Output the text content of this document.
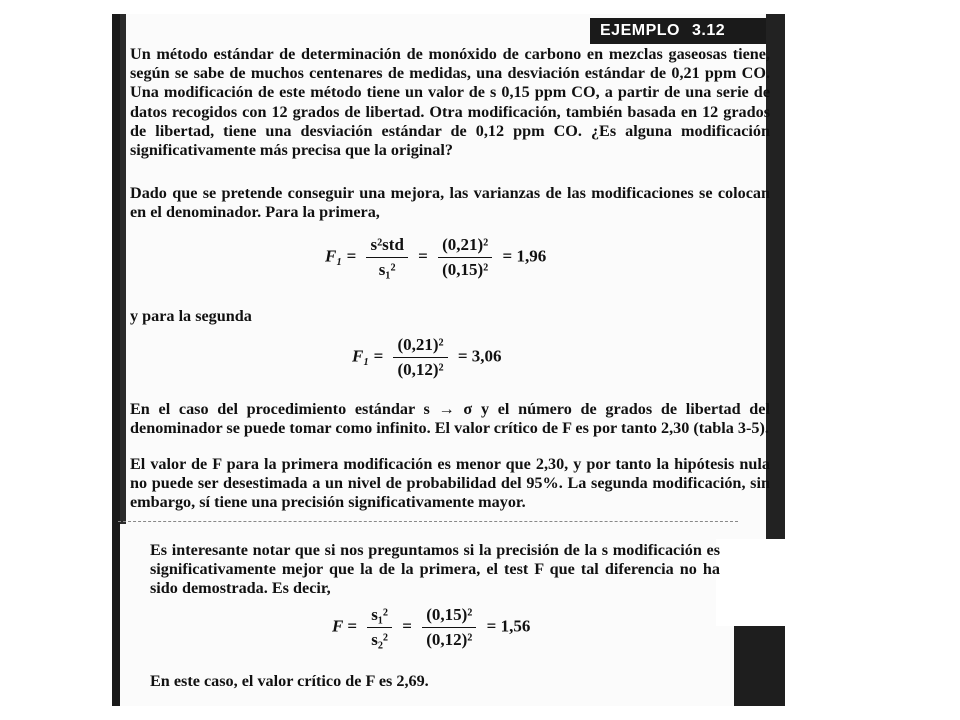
EJEMPLO 3.12
Un método estándar de determinación de monóxido de carbono en mezclas gaseosas tiene, según se sabe de muchos centenares de medidas, una desviación estándar de 0,21 ppm CO. Una modificación de este método tiene un valor de s 0,15 ppm CO, a partir de una serie de datos recogidos con 12 grados de libertad. Otra modificación, también basada en 12 grados de libertad, tiene una desviación estándar de 0,12 ppm CO. ¿Es alguna modificación significativamente más precisa que la original?
Dado que se pretende conseguir una mejora, las varianzas de las modificaciones se colocan en el denominador. Para la primera,
$F_1 = \frac{\text{s²std}}{\text{s₁²}} = \frac{\text{(0,21)²}}{\text{(0,15)²}} = 1,96$
y para la segunda
$F_1 = \frac{\text{(0,21)²}}{\text{(0,12)²}} = 3,06$
En el caso del procedimiento estándar s → σ y el número de grados de libertad del denominador se puede tomar como infinito. El valor crítico de F es por tanto 2,30 (tabla 3-5).
El valor de F para la primera modificación es menor que 2,30, y por tanto la hipótesis nula no puede ser desestimada a un nivel de probabilidad del 95%. La segunda modificación, sin embargo, sí tiene una precisión significativamente mayor.
Es interesante notar que si nos preguntamos si la precisión de la s modificación es significativamente mejor que la de la primera, el test F que tal diferencia no ha sido demostrada. Es decir,
$F = \frac{\text{s₁²}}{\text{s₂²}} = \frac{\text{(0,15)²}}{\text{(0,12)²}} = 1,56$
En este caso, el valor crítico de F es 2,69.
